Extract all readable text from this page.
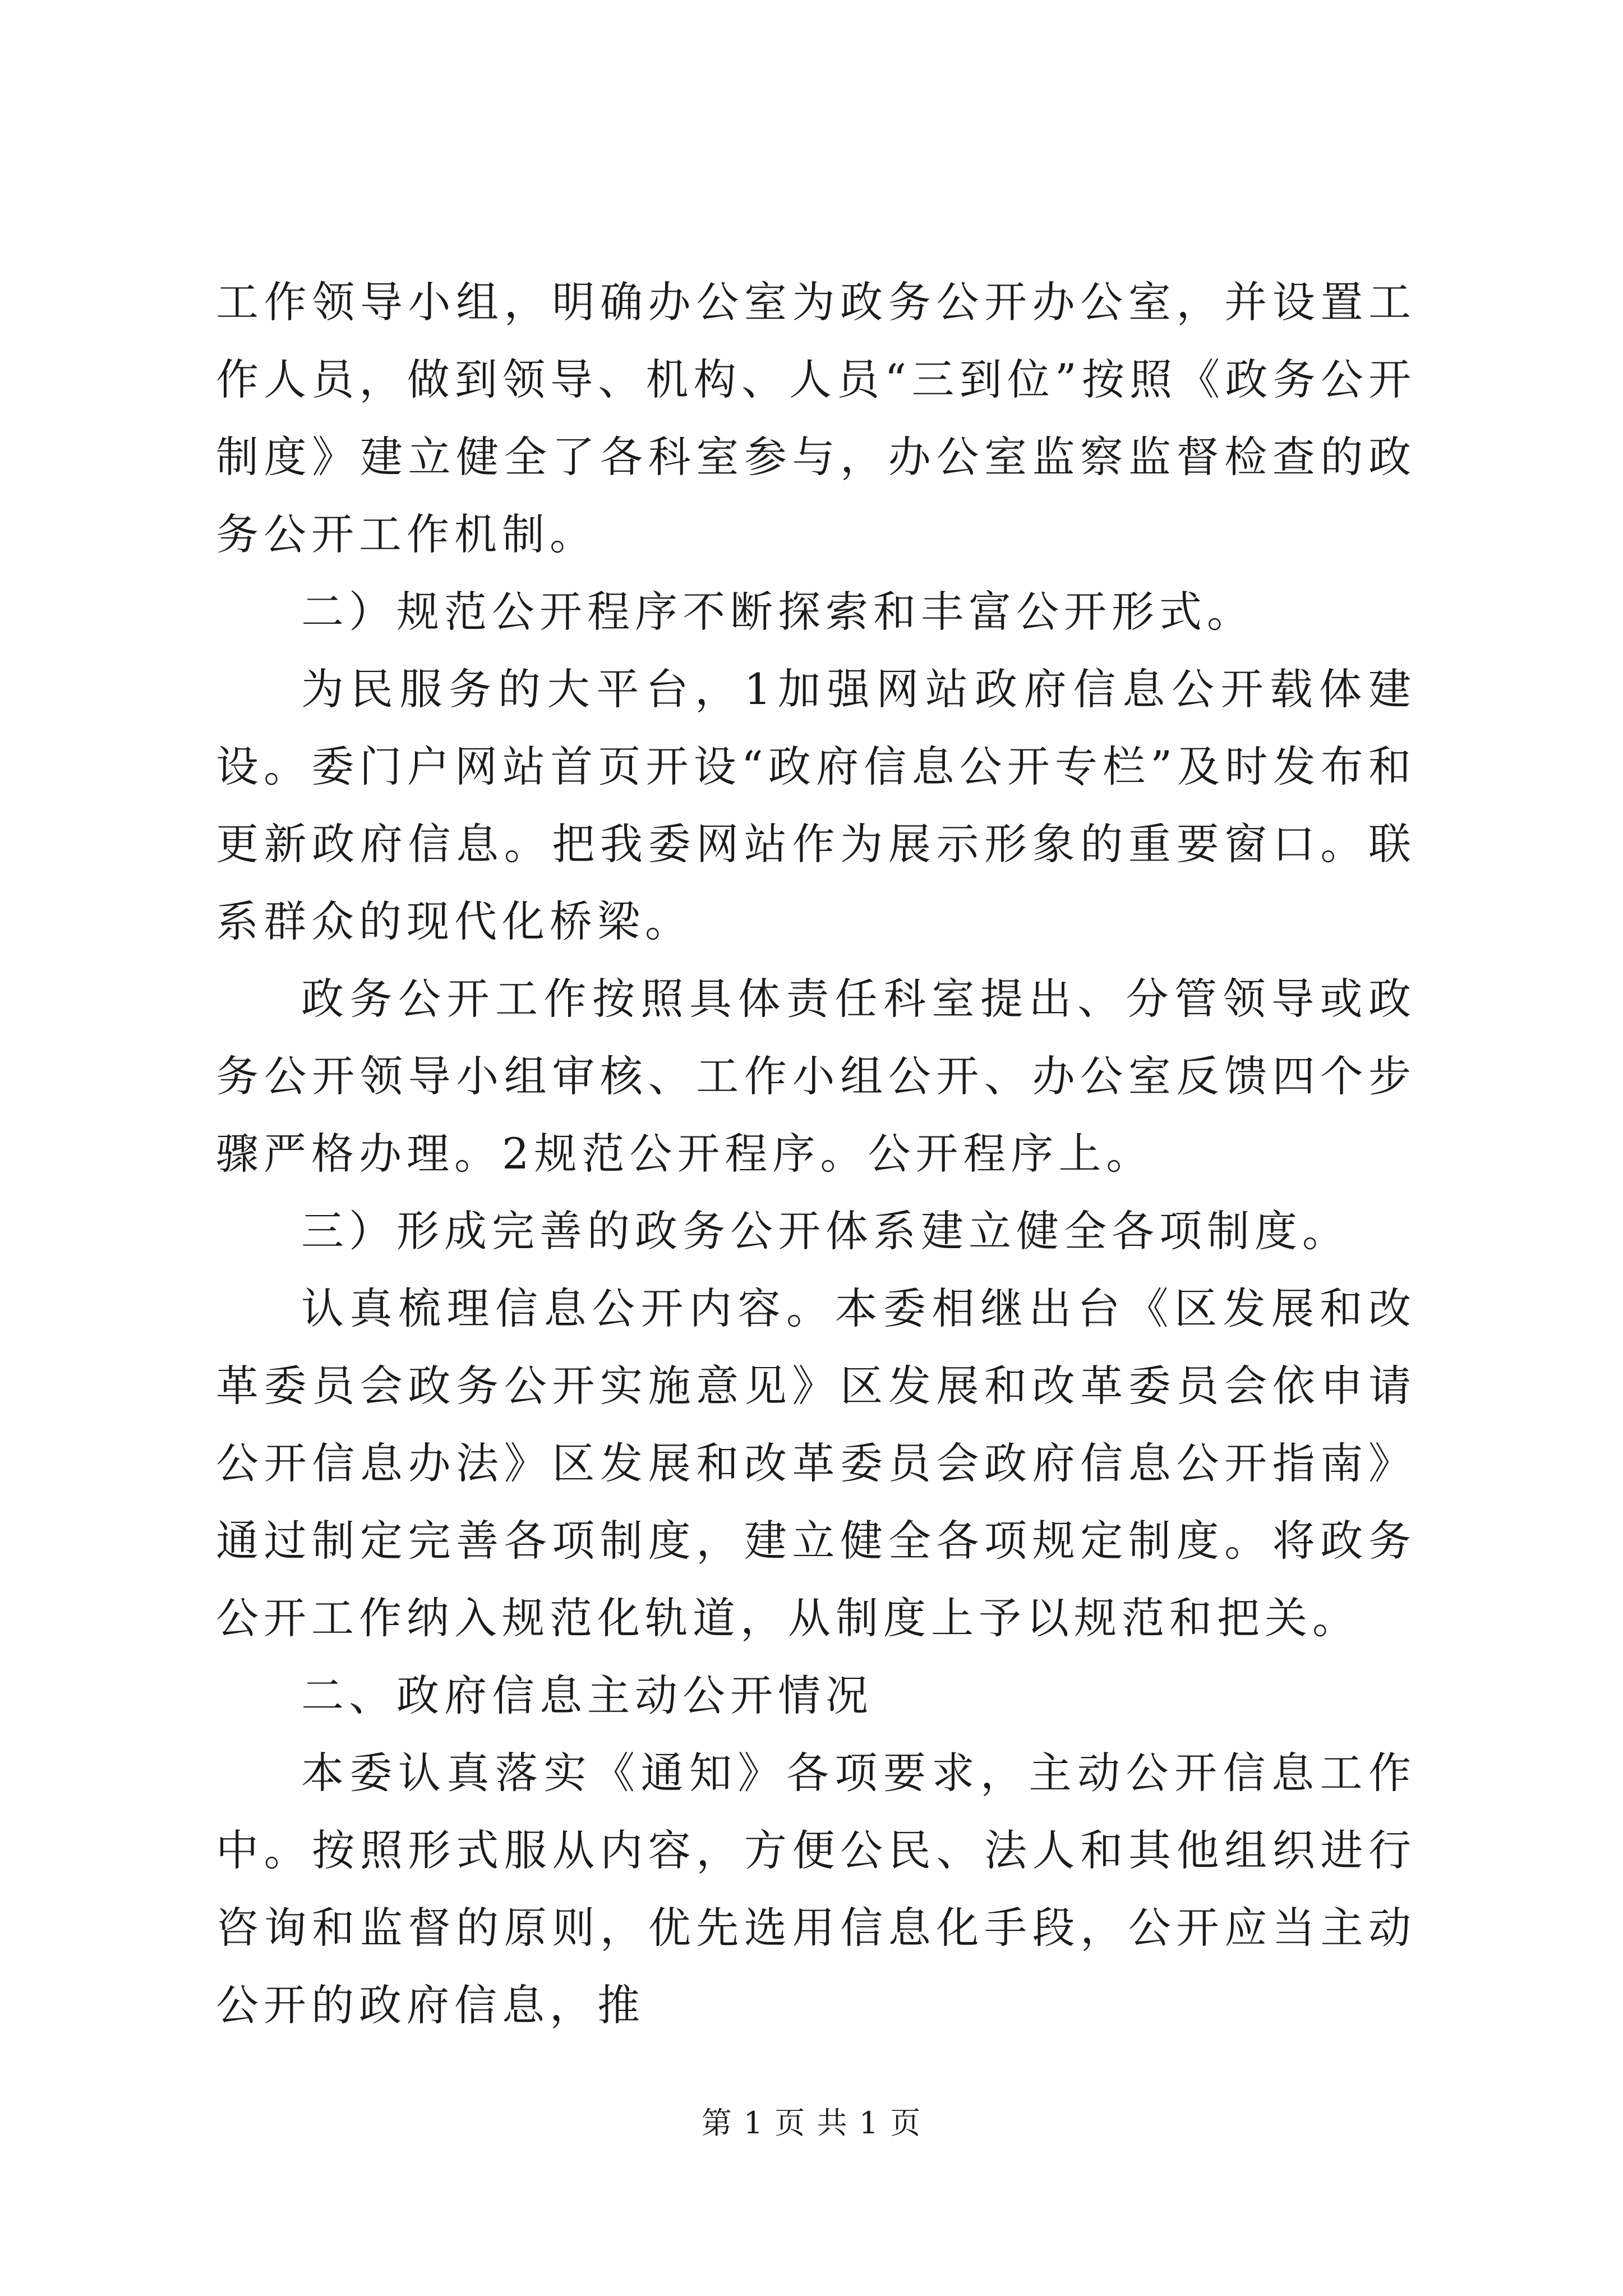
工作领导小组，明确办公室为政务公开办公室，并设置工作人员，做到领导、机构、人员“三到位”按照《政务公开制度》建立健全了各科室参与，办公室监察监督检查的政务公开工作机制。

二）规范公开程序不断探索和丰富公开形式。

为民服务的大平台，1加强网站政府信息公开载体建设。委门户网站首页开设“政府信息公开专栏”及时发布和更新政府信息。把我委网站作为展示形象的重要窗口。联系群众的现代化桥梁。

政务公开工作按照具体责任科室提出、分管领导或政务公开领导小组审核、工作小组公开、办公室反馈四个步骤严格办理。2规范公开程序。公开程序上。

三）形成完善的政务公开体系建立健全各项制度。

认真梳理信息公开内容。本委相继出台《区发展和改革委员会政务公开实施意见》区发展和改革委员会依申请公开信息办法》区发展和改革委员会政府信息公开指南》通过制定完善各项制度，建立健全各项规定制度。将政务公开工作纳入规范化轨道，从制度上予以规范和把关。

二、政府信息主动公开情况

本委认真落实《通知》各项要求，主动公开信息工作中。按照形式服从内容，方便公民、法人和其他组织进行咨询和监督的原则，优先选用信息化手段，公开应当主动公开的政府信息，推

第 1 页 共 1 页
